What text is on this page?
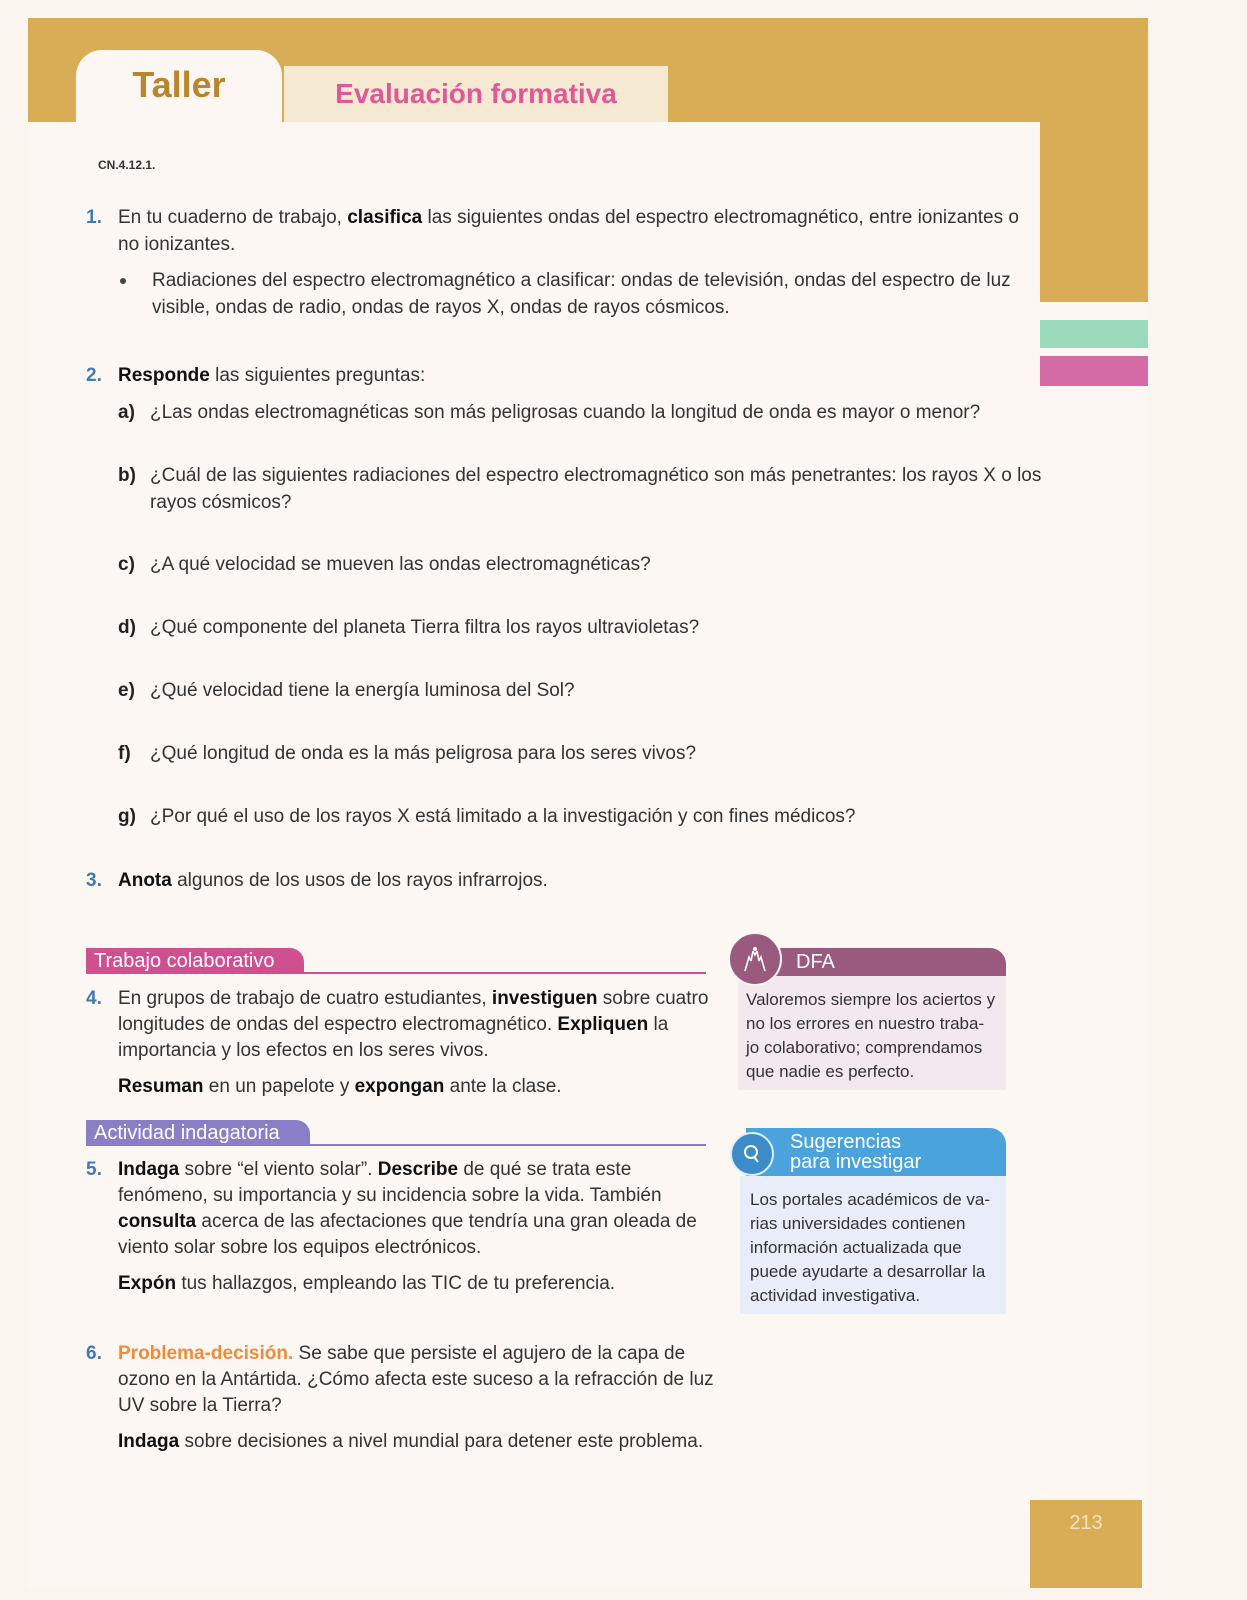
Taller	Evaluación formativa
CN.4.12.1.
1. En tu cuaderno de trabajo, clasifica las siguientes ondas del espectro electromagnético, entre ionizantes o
no ionizantes.
Radiaciones del espectro electromagnético a clasificar: ondas de televisión, ondas del espectro de luz
visible, ondas de radio, ondas de rayos X, ondas de rayos cósmicos.
2. Responde las siguientes preguntas:
a) ¿Las ondas electromagnéticas son más peligrosas cuando la longitud de onda es mayor o menor?
b) ¿Cuál de las siguientes radiaciones del espectro electromagnético son más penetrantes: los rayos X o los
rayos cósmicos?
c) ¿A qué velocidad se mueven las ondas electromagnéticas?
d) ¿Qué componente del planeta Tierra filtra los rayos ultravioletas?
e) ¿Qué velocidad tiene la energía luminosa del Sol?
f) ¿Qué longitud de onda es la más peligrosa para los seres vivos?
g) ¿Por qué el uso de los rayos X está limitado a la investigación y con fines médicos?
3. Anota algunos de los usos de los rayos infrarrojos.
Trabajo colaborativo
4. En grupos de trabajo de cuatro estudiantes, investiguen sobre cuatro
longitudes de ondas del espectro electromagnético. Expliquen la
importancia y los efectos en los seres vivos.
Resuman en un papelote y expongan ante la clase.
Actividad indagatoria
5. Indaga sobre “el viento solar”. Describe de qué se trata este
fenómeno, su importancia y su incidencia sobre la vida. También
consulta acerca de las afectaciones que tendría una gran oleada de
viento solar sobre los equipos electrónicos.
Expón tus hallazgos, empleando las TIC de tu preferencia.
6. Problema-decisión. Se sabe que persiste el agujero de la capa de
ozono en la Antártida. ¿Cómo afecta este suceso a la refracción de luz
UV sobre la Tierra?
Indaga sobre decisiones a nivel mundial para detener este problema.
Valoremos siempre los aciertos y
no los errores en nuestro traba-
jo colaborativo; comprendamos
que nadie es perfecto.
DFA
Los portales académicos de va-
rias universidades contienen
información actualizada que
puede ayudarte a desarrollar la
actividad investigativa.
Sugerencias
para investigar
213
